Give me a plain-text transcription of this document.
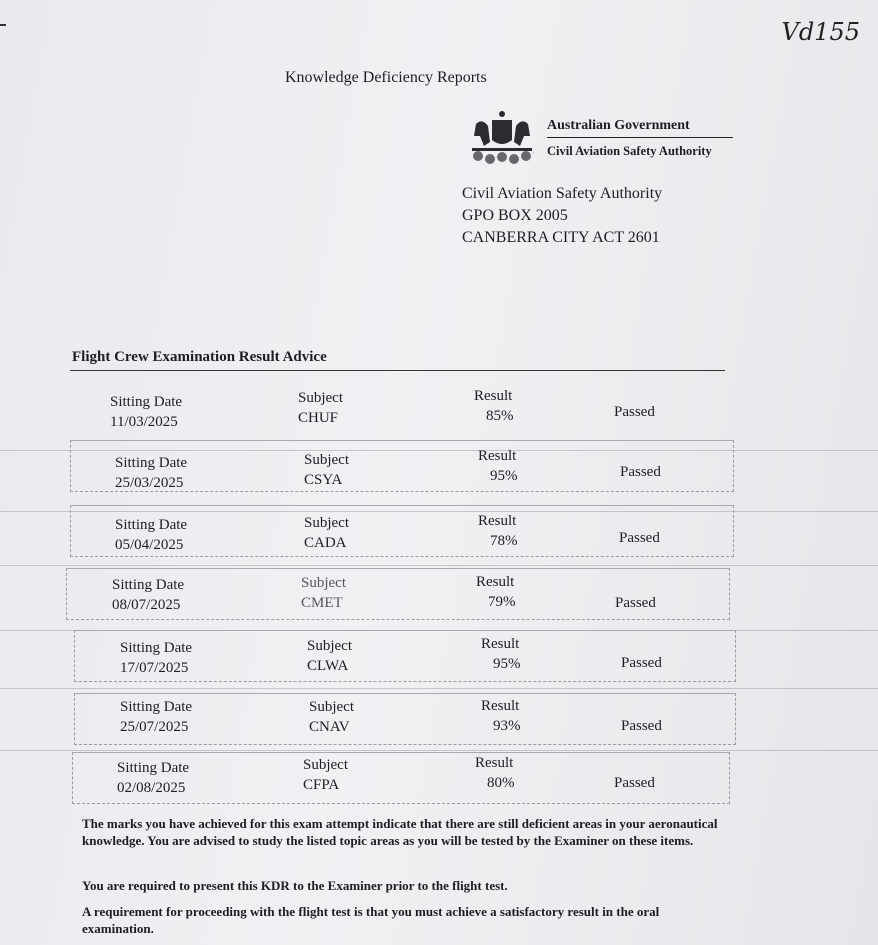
Vd155
Knowledge Deficiency Reports
·
Australian Government
Civil Aviation Safety Authority
Civil Aviation Safety Authority
GPO BOX 2005
CANBERRA CITY ACT 2601
Flight Crew Examination Result Advice
Sitting Date
11/03/2025
Subject
CHUF
Result
85%	Passed
Sitting Date
25/03/2025
Subject
CSYA
Result
95%	Passed
Sitting Date
05/04/2025
Subject
CADA
Result
78%	Passed
Sitting Date
08/07/2025
Subject
CMET
Result
79%	Passed
Sitting Date
17/07/2025
Subject
CLWA
Result
95%	Passed
Sitting Date
25/07/2025
Subject
CNAV
Result
93%	Passed
Sitting Date
02/08/2025
Subject
CFPA
Result
80%	Passed
The marks you have achieved for this exam attempt indicate that there are still deficient areas in your aeronautical knowledge. You are advised to study the listed topic areas as you will be tested by the Examiner on these items.
You are required to present this KDR to the Examiner prior to the flight test.
A requirement for proceeding with the flight test is that you must achieve a satisfactory result in the oral examination.
